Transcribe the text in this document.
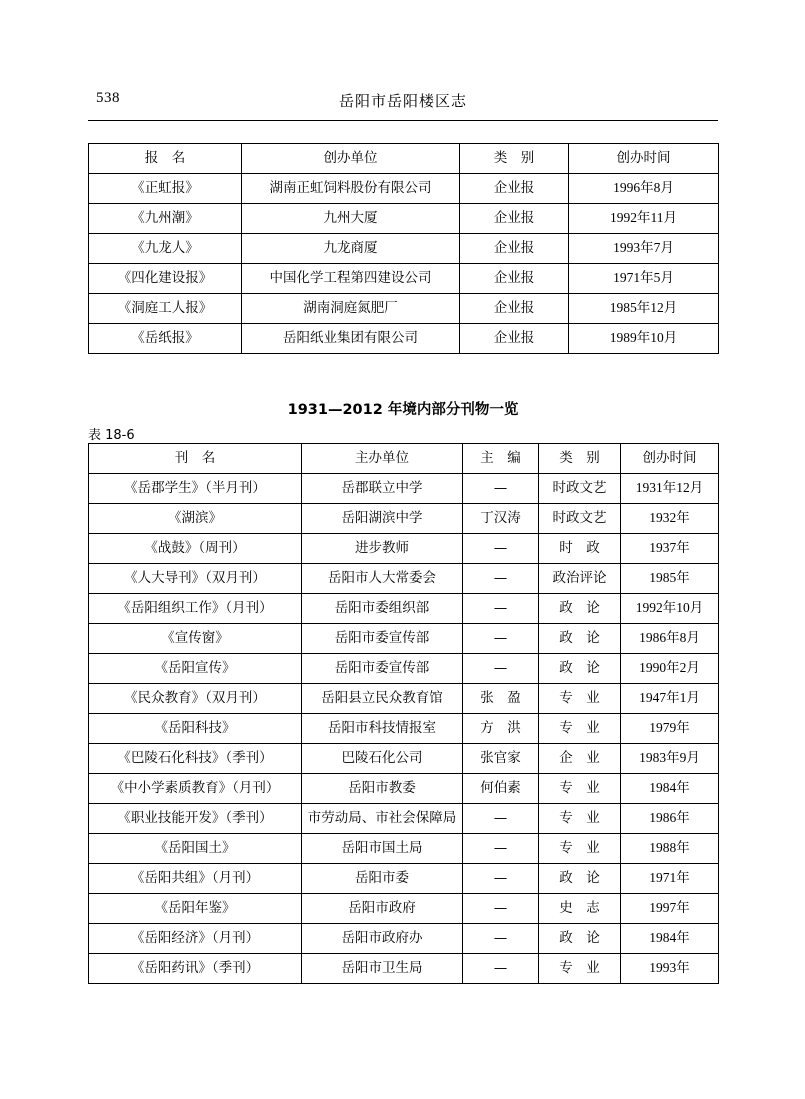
538	岳阳市岳阳楼区志
报　名	创办单位	类　别	创办时间
《正虹报》	湖南正虹饲料股份有限公司	企业报	1996年8月
《九州潮》	九州大厦	企业报	1992年11月
《九龙人》	九龙商厦	企业报	1993年7月
《四化建设报》	中国化学工程第四建设公司	企业报	1971年5月
《洞庭工人报》	湖南洞庭氮肥厂	企业报	1985年12月
《岳纸报》	岳阳纸业集团有限公司	企业报	1989年10月
1931—2012 年境内部分刊物一览
表 18-6
刊　名	主办单位	主　编	类　别	创办时间
《岳郡学生》（半月刊）	岳郡联立中学	—	时政文艺	1931年12月
《湖滨》	岳阳湖滨中学	丁汉涛	时政文艺	1932年
《战鼓》（周刊）	进步教师	—	时　政	1937年
《人大导刊》（双月刊）	岳阳市人大常委会	—	政治评论	1985年
《岳阳组织工作》（月刊）	岳阳市委组织部	—	政　论	1992年10月
《宣传窗》	岳阳市委宣传部	—	政　论	1986年8月
《岳阳宣传》	岳阳市委宣传部	—	政　论	1990年2月
《民众教育》（双月刊）	岳阳县立民众教育馆	张　盈	专　业	1947年1月
《岳阳科技》	岳阳市科技情报室	方　洪	专　业	1979年
《巴陵石化科技》（季刊）	巴陵石化公司	张官家	企　业	1983年9月
《中小学素质教育》（月刊）	岳阳市教委	何伯素	专　业	1984年
《职业技能开发》（季刊）	市劳动局、市社会保障局	—	专　业	1986年
《岳阳国土》	岳阳市国土局	—	专　业	1988年
《岳阳共组》（月刊）	岳阳市委	—	政　论	1971年
《岳阳年鉴》	岳阳市政府	—	史　志	1997年
《岳阳经济》（月刊）	岳阳市政府办	—	政　论	1984年
《岳阳药讯》（季刊）	岳阳市卫生局	—	专　业	1993年
